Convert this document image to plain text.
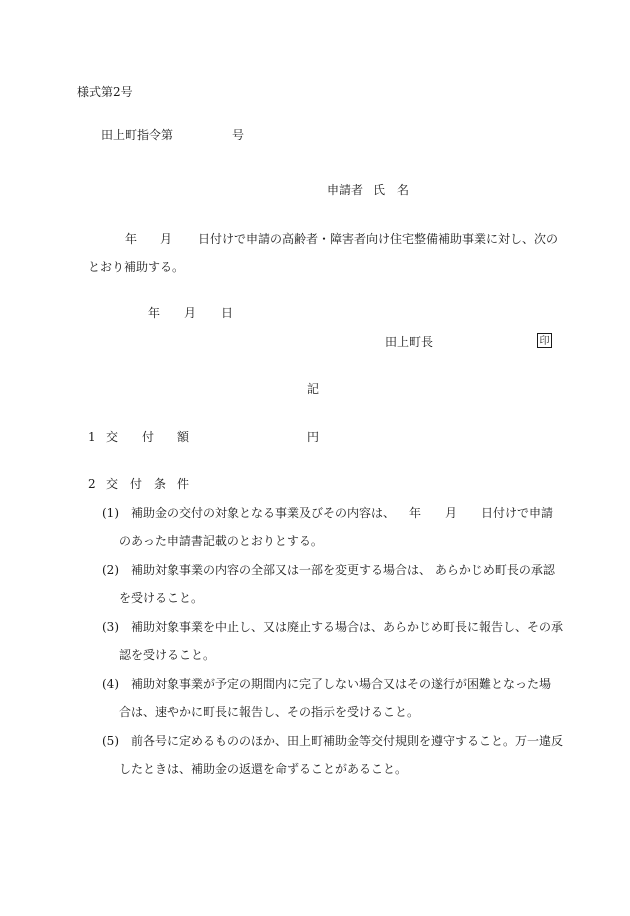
様式第2号
田上町指令第	号
申請者 氏　名
年 月 日付けで申請の高齢者・障害者向け住宅整備補助事業に対し、次の
とおり補助する。
年 月 日
田上町長	印
記
1 交 付 額	円
2 交 付 条 件
(1) 補助金の交付の対象となる事業及びその内容は、 年 月 日付けで申請
のあった申請書記載のとおりとする。
(2) 補助対象事業の内容の全部又は一部を変更する場合は、 あらかじめ町長の承認
を受けること。
(3) 補助対象事業を中止し、又は廃止する場合は、あらかじめ町長に報告し、その承
認を受けること。
(4) 補助対象事業が予定の期間内に完了しない場合又はその遂行が困難となった場
合は、速やかに町長に報告し、その指示を受けること。
(5) 前各号に定めるもののほか、田上町補助金等交付規則を遵守すること。万一違反
したときは、補助金の返還を命ずることがあること。
